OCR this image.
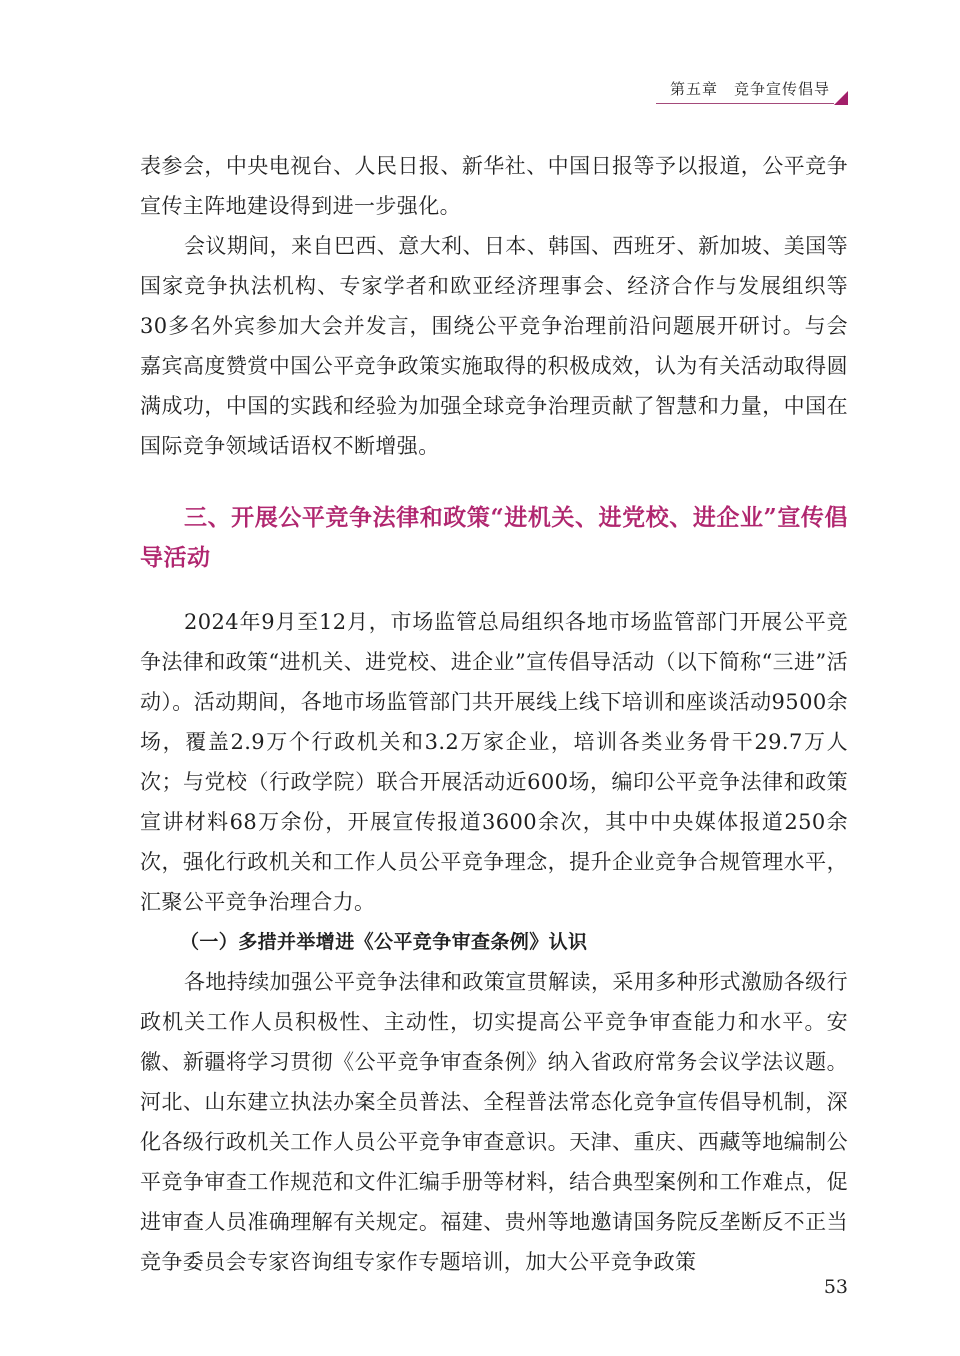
第五章　竞争宣传倡导

表参会，中央电视台、人民日报、新华社、中国日报等予以报道，公平竞争宣传主阵地建设得到进一步强化。

会议期间，来自巴西、意大利、日本、韩国、西班牙、新加坡、美国等国家竞争执法机构、专家学者和欧亚经济理事会、经济合作与发展组织等30多名外宾参加大会并发言，围绕公平竞争治理前沿问题展开研讨。与会嘉宾高度赞赏中国公平竞争政策实施取得的积极成效，认为有关活动取得圆满成功，中国的实践和经验为加强全球竞争治理贡献了智慧和力量，中国在国际竞争领域话语权不断增强。

三、开展公平竞争法律和政策“进机关、进党校、进企业”宣传倡导活动

2024年9月至12月，市场监管总局组织各地市场监管部门开展公平竞争法律和政策“进机关、进党校、进企业”宣传倡导活动（以下简称“三进”活动）。活动期间，各地市场监管部门共开展线上线下培训和座谈活动9500余场，覆盖2.9万个行政机关和3.2万家企业，培训各类业务骨干29.7万人次；与党校（行政学院）联合开展活动近600场，编印公平竞争法律和政策宣讲材料68万余份，开展宣传报道3600余次，其中中央媒体报道250余次，强化行政机关和工作人员公平竞争理念，提升企业竞争合规管理水平，汇聚公平竞争治理合力。

（一）多措并举增进《公平竞争审查条例》认识

各地持续加强公平竞争法律和政策宣贯解读，采用多种形式激励各级行政机关工作人员积极性、主动性，切实提高公平竞争审查能力和水平。安徽、新疆将学习贯彻《公平竞争审查条例》纳入省政府常务会议学法议题。河北、山东建立执法办案全员普法、全程普法常态化竞争宣传倡导机制，深化各级行政机关工作人员公平竞争审查意识。天津、重庆、西藏等地编制公平竞争审查工作规范和文件汇编手册等材料，结合典型案例和工作难点，促进审查人员准确理解有关规定。福建、贵州等地邀请国务院反垄断反不正当竞争委员会专家咨询组专家作专题培训，加大公平竞争政策

53
